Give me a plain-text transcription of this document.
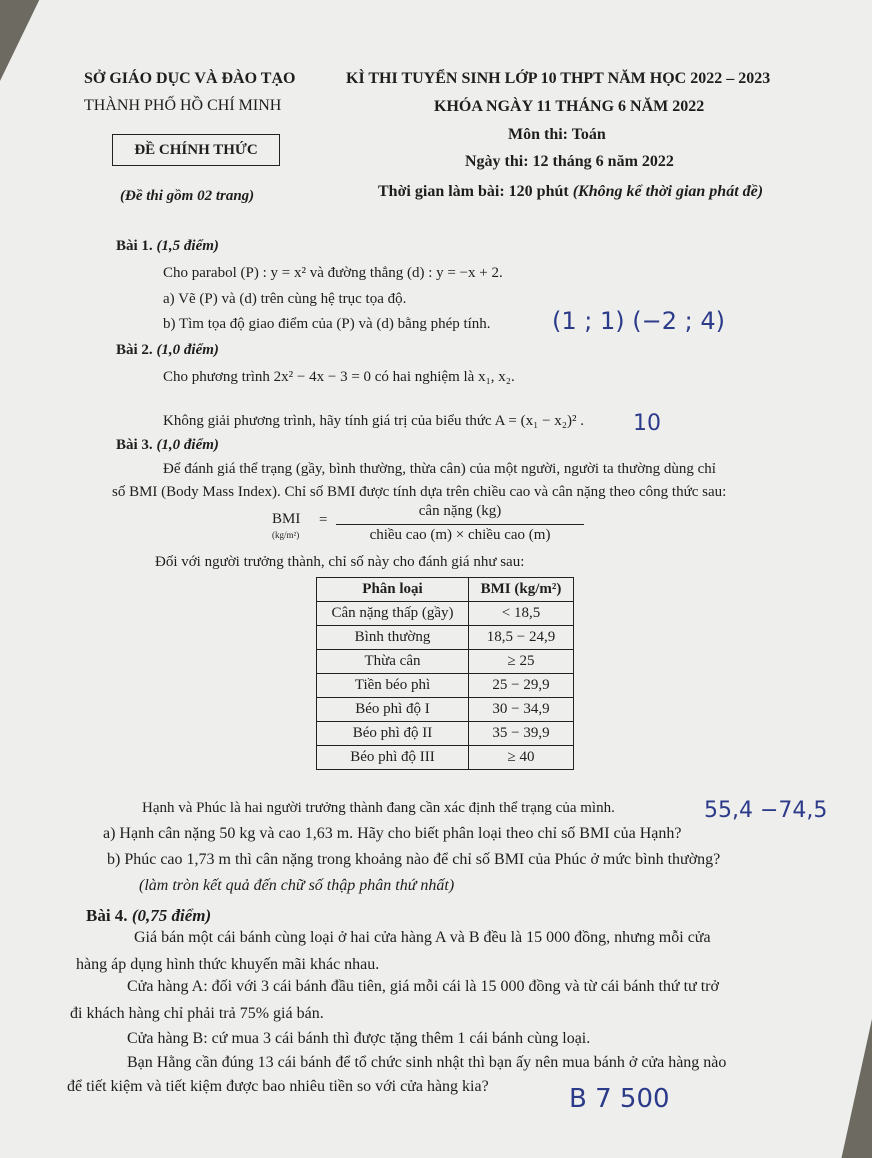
SỞ GIÁO DỤC VÀ ĐÀO TẠO
THÀNH PHỐ HỒ CHÍ MINH
KÌ THI TUYỂN SINH LỚP 10 THPT NĂM HỌC 2022 – 2023
KHÓA NGÀY 11 THÁNG 6 NĂM 2022
Môn thi: Toán
ĐỀ CHÍNH THỨC
Ngày thi: 12 tháng 6 năm 2022
(Đề thi gồm 02 trang)	Thời gian làm bài: 120 phút (Không kể thời gian phát đề)
Bài 1. (1,5 điểm)
Cho parabol (P) : y = x² và đường thẳng (d) : y = −x + 2.
a) Vẽ (P) và (d) trên cùng hệ trục tọa độ.
b) Tìm tọa độ giao điểm của (P) và (d) bằng phép tính.	(1 ; 1) (−2 ; 4)
Bài 2. (1,0 điểm)
Cho phương trình 2x² − 4x − 3 = 0 có hai nghiệm là x₁, x₂.
Không giải phương trình, hãy tính giá trị của biểu thức A = (x₁ − x₂)² . 10
Bài 3. (1,0 điểm)
Để đánh giá thể trạng (gầy, bình thường, thừa cân) của một người, người ta thường dùng chỉ
số BMI (Body Mass Index). Chỉ số BMI được tính dựa trên chiều cao và cân nặng theo công thức sau:
BMI
(kg/m²)
=
cân nặng (kg)
chiều cao (m) × chiều cao (m)
Đối với người trưởng thành, chỉ số này cho đánh giá như sau:
Phân loại	BMI (kg/m²)
Cân nặng thấp (gầy)	< 18,5
Bình thường	18,5 − 24,9
Thừa cân	≥ 25
Tiền béo phì	25 − 29,9
Béo phì độ I	30 − 34,9
Béo phì độ II	35 − 39,9
Béo phì độ III	≥ 40
Hạnh và Phúc là hai người trưởng thành đang cần xác định thể trạng của mình.	55,4 −74,5
a) Hạnh cân nặng 50 kg và cao 1,63 m. Hãy cho biết phân loại theo chỉ số BMI của Hạnh?
b) Phúc cao 1,73 m thì cân nặng trong khoảng nào để chỉ số BMI của Phúc ở mức bình thường?
(làm tròn kết quả đến chữ số thập phân thứ nhất)
Bài 4. (0,75 điểm)
Giá bán một cái bánh cùng loại ở hai cửa hàng A và B đều là 15 000 đồng, nhưng mỗi cửa
hàng áp dụng hình thức khuyến mãi khác nhau.
Cửa hàng A: đối với 3 cái bánh đầu tiên, giá mỗi cái là 15 000 đồng và từ cái bánh thứ tư trở
đi khách hàng chỉ phải trả 75% giá bán.
Cửa hàng B: cứ mua 3 cái bánh thì được tặng thêm 1 cái bánh cùng loại.
Bạn Hằng cần đúng 13 cái bánh để tổ chức sinh nhật thì bạn ấy nên mua bánh ở cửa hàng nào
để tiết kiệm và tiết kiệm được bao nhiêu tiền so với cửa hàng kia?	B 7 500
